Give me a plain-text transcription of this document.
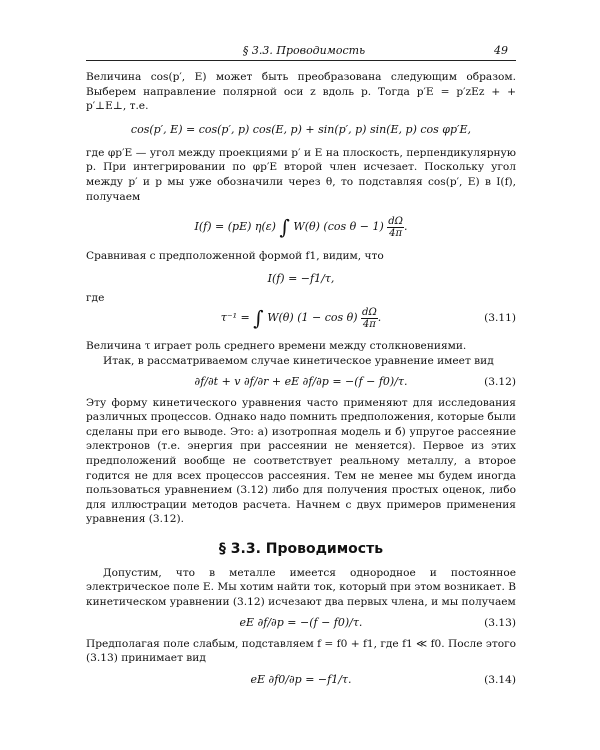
§ 3.3. Проводимость	49

Величина cos(p′, E) может быть преобразована следующим образом. Выберем направление полярной оси z вдоль p. Тогда p′E = p′zEz + + p′⊥E⊥, т.е.

cos(p′, E) = cos(p′, p) cos(E, p) + sin(p′, p) sin(E, p) cos φp′E,

где φp′E — угол между проекциями p′ и E на плоскость, перпендикулярную p. При интегрировании по φp′E второй член исчезает. Поскольку угол между p′ и p мы уже обозначили через θ, то подставляя cos(p′, E) в I(f), получаем

I(f) = (pE) η(ε) ∫ W(θ) (cos $\theta - 1) \frac{d\Omega}{4\pi}$ .

Сравнивая с предположенной формой f1, видим, что

I(f) = −f1/τ,

где

τ⁻¹ = ∫ W(θ) $(1 - \cos \theta) \frac{d\Omega}{4\pi}$ .	(3.11)

Величина τ играет роль среднего времени между столкновениями.

Итак, в рассматриваемом случае кинетическое уравнение имеет вид

∂f/∂t + v ∂f/∂r + eE ∂f/∂p = −(f − f0)/τ.	(3.12)

Эту форму кинетического уравнения часто применяют для исследования различных процессов. Однако надо помнить предположения, которые были сделаны при его выводе. Это: а) изотропная модель и б) упругое рассеяние электронов (т.е. энергия при рассеянии не меняется). Первое из этих предположений вообще не соответствует реальному металлу, а второе годится не для всех процессов рассеяния. Тем не менее мы будем иногда пользоваться уравнением (3.12) либо для получения простых оценок, либо для иллюстрации методов расчета. Начнем с двух примеров применения уравнения (3.12).

§ 3.3. Проводимость

Допустим, что в металле имеется однородное и постоянное электрическое поле E. Мы хотим найти ток, который при этом возникает. В кинетическом уравнении (3.12) исчезают два первых члена, и мы получаем

eE ∂f/∂p = −(f − f0)/τ.	(3.13)

Предполагая поле слабым, подставляем f = f0 + f1, где f1 ≪ f0. После этого (3.13) принимает вид

eE ∂f0/∂p = −f1/τ.	(3.14)
